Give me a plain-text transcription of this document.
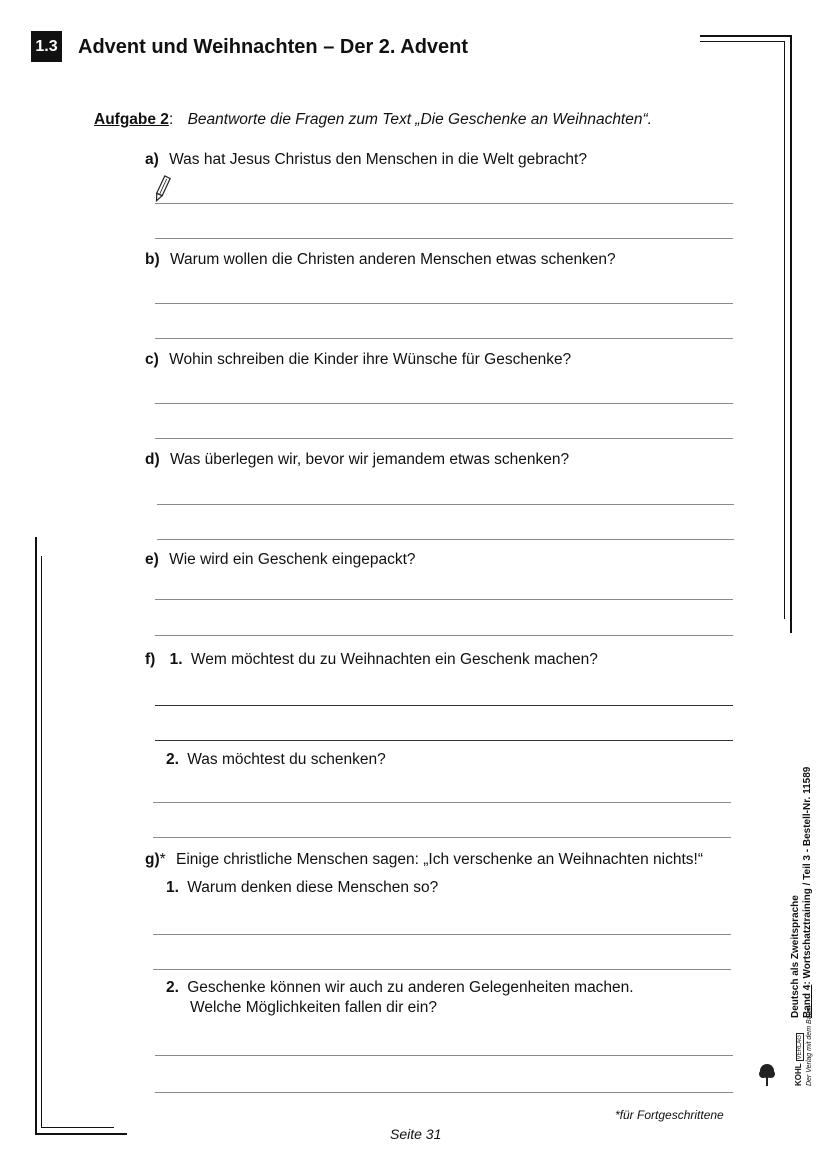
1.3 Advent und Weihnachten – Der 2. Advent
Aufgabe 2: Beantworte die Fragen zum Text „Die Geschenke an Weihnachten“.
a) Was hat Jesus Christus den Menschen in die Welt gebracht?
b) Warum wollen die Christen anderen Menschen etwas schenken?
c) Wohin schreiben die Kinder ihre Wünsche für Geschenke?
d) Was überlegen wir, bevor wir jemandem etwas schenken?
e) Wie wird ein Geschenk eingepackt?
f) 1. Wem möchtest du zu Weihnachten ein Geschenk machen?
2. Was möchtest du schenken?
g)* Einige christliche Menschen sagen: „Ich verschenke an Weihnachten nichts!“
1. Warum denken diese Menschen so?
2. Geschenke können wir auch zu anderen Gelegenheiten machen.
Welche Möglichkeiten fallen dir ein?	Deutsch als Zweitsprache Band 4: Wortschatztraining / Teil 3 - Bestell-Nr. 11589
KOHL VERLAG Der Verlag mit dem Baum
*für Fortgeschrittene
Seite 31
